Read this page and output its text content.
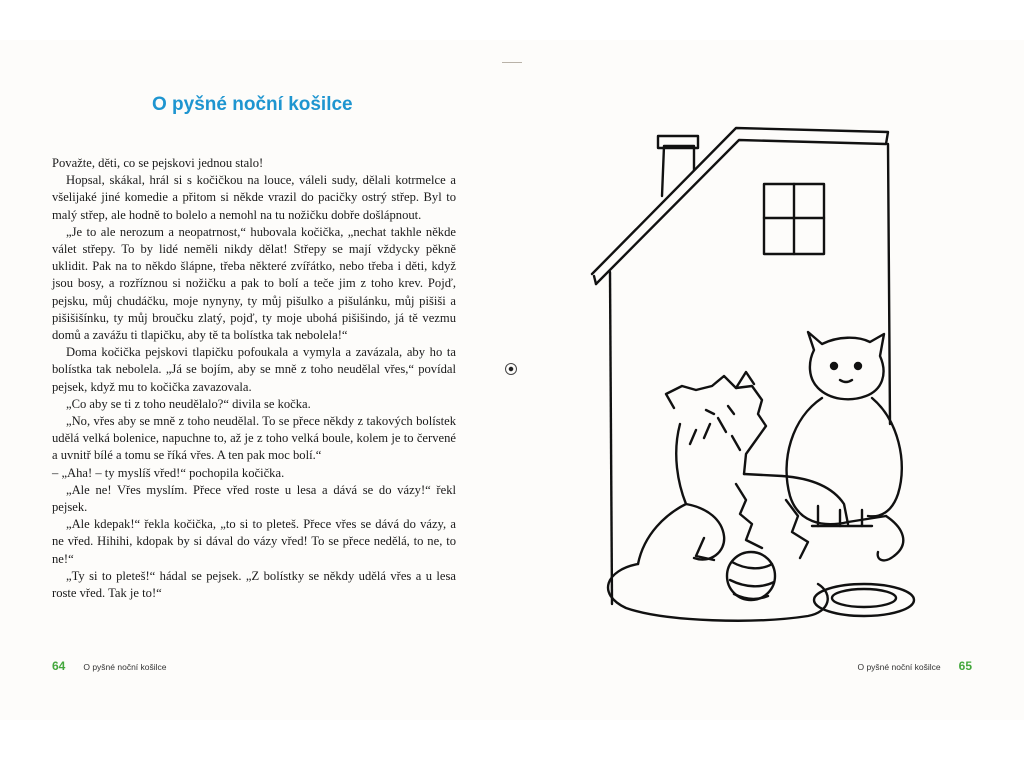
O pyšné noční košilce

Považte, děti, co se pejskovi jednou stalo!

Hopsal, skákal, hrál si s kočičkou na louce, váleli sudy, dělali kotrmelce a všelijaké jiné komedie a přitom si někde vrazil do pacičky ostrý střep. Byl to malý střep, ale hodně to bolelo a nemohl na tu nožičku dobře došlápnout.

„Je to ale nerozum a neopatrnost,“ hubovala kočička, „nechat takhle někde válet střepy. To by lidé neměli nikdy dělat! Střepy se mají vždycky pěkně uklidit. Pak na to někdo šlápne, třeba některé zvířátko, nebo třeba i děti, když jsou bosy, a rozříznou si nožičku a pak to bolí a teče jim z toho krev. Pojď, pejsku, můj chudáčku, moje nynyny, ty můj pišulko a pišulánku, můj pišiši a pišišišínku, ty můj broučku zlatý, pojď, ty moje ubohá pišišindo, já tě vezmu domů a zavážu ti tlapičku, aby tě ta bolístka tak nebolela!“

Doma kočička pejskovi tlapičku pofoukala a vymyla a zavázala, aby ho ta bolístka tak nebolela. „Já se bojím, aby se mně z toho neudělal vřes,“ povídal pejsek, když mu to kočička zavazovala.

„Co aby se ti z toho neudělalo?“ divila se kočka.

„No, vřes aby se mně z toho neudělal. To se přece někdy z takových bolístek udělá velká bolenice, napuchne to, až je z toho velká boule, kolem je to červené a uvnitř bílé a tomu se říká vřes. A ten pak moc bolí.“

– „Aha! – ty myslíš vřed!“ pochopila kočička.

„Ale ne! Vřes myslím. Přece vřed roste u lesa a dává se do vázy!“ řekl pejsek.

„Ale kdepak!“ řekla kočička, „to si to pleteš. Přece vřes se dává do vázy, a ne vřed. Hihihi, kdopak by si dával do vázy vřed! To se přece nedělá, to ne, to ne!“

„Ty si to pleteš!“ hádal se pejsek. „Z bolístky se někdy udělá vřes a u lesa roste vřed. Tak je to!“

64 O pyšné noční košilce	O pyšné noční košilce 65
